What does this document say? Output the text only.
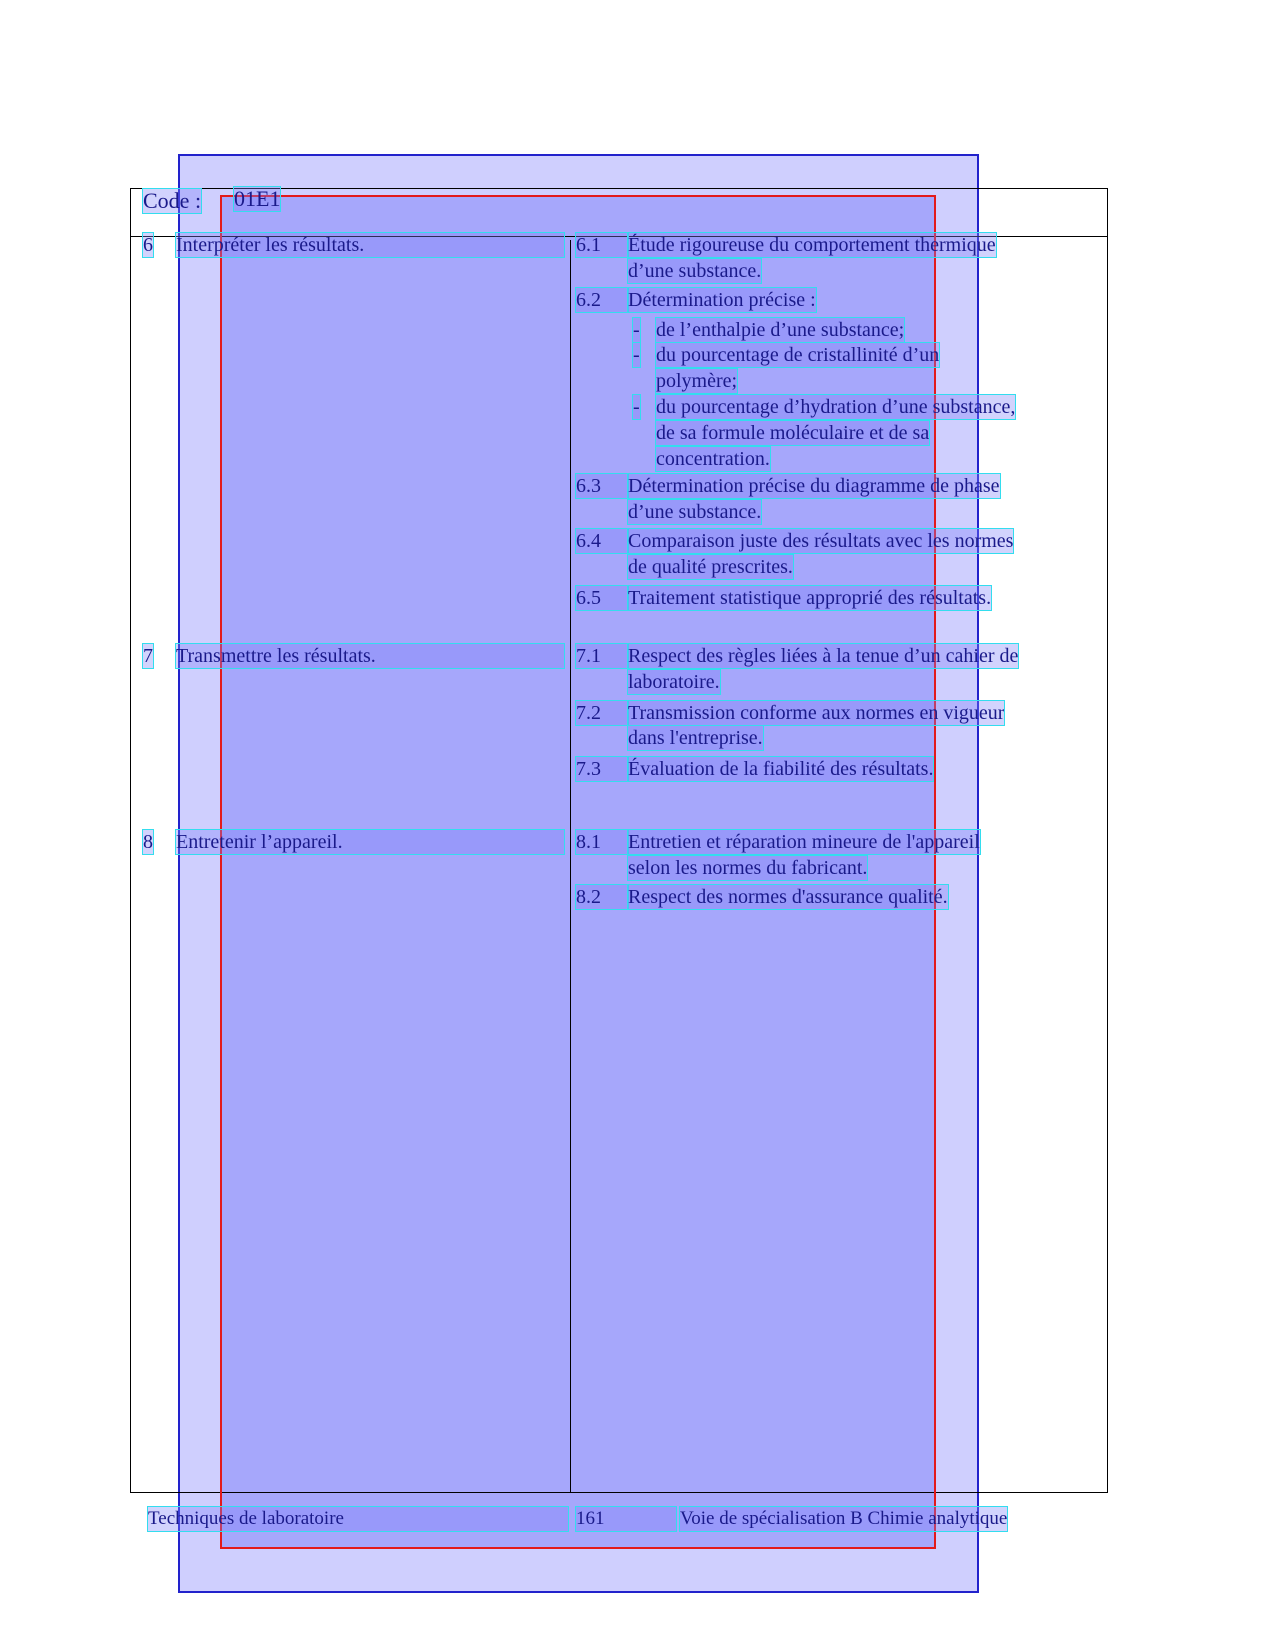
Code : 01E1
6 Interpréter les résultats.	6.1	Étude rigoureuse du comportement thermique
d’une substance.
6.2	Détermination précise :
- de l’enthalpie d’une substance;
- du pourcentage de cristallinité d’un
polymère;
- du pourcentage d’hydration d’une substance,
de sa formule moléculaire et de sa
concentration.
6.3	Détermination précise du diagramme de phase
d’une substance.
6.4	Comparaison juste des résultats avec les normes
de qualité prescrites.
6.5	Traitement statistique approprié des résultats.
7 Transmettre les résultats.	7.1	Respect des règles liées à la tenue d’un cahier de
laboratoire.
7.2	Transmission conforme aux normes en vigueur
dans l'entreprise.
7.3	Évaluation de la fiabilité des résultats.
8 Entretenir l’appareil.	8.1	Entretien et réparation mineure de l'appareil
selon les normes du fabricant.
8.2	Respect des normes d'assurance qualité.
Techniques de laboratoire	161	Voie de spécialisation B Chimie analytique
